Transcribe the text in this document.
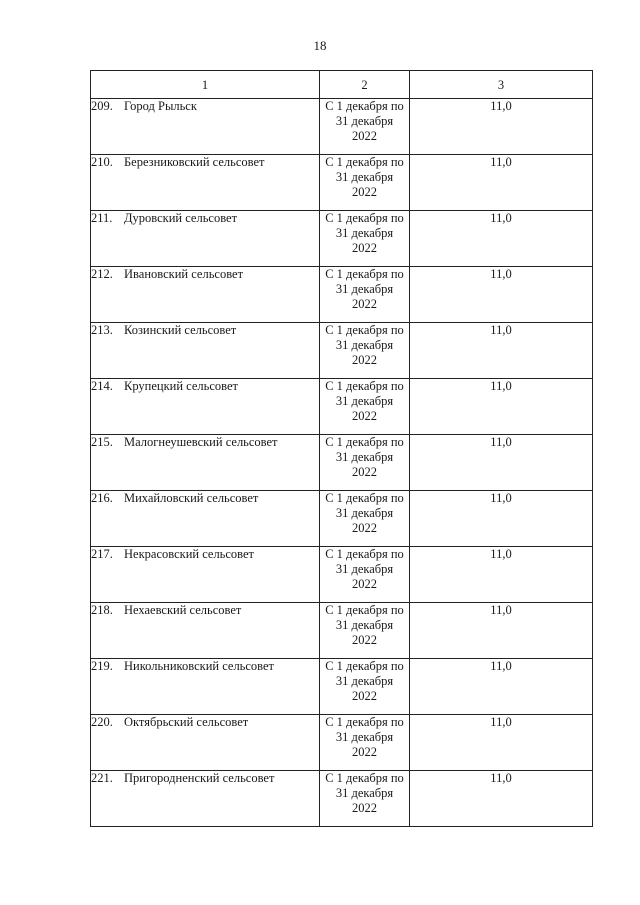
18
1	2	3
209. Город Рыльск	С 1 декабря по
31 декабря
2022	11,0
210. Березниковский сельсовет	С 1 декабря по
31 декабря
2022	11,0
211. Дуровский сельсовет	С 1 декабря по
31 декабря
2022	11,0
212. Ивановский сельсовет	С 1 декабря по
31 декабря
2022	11,0
213. Козинский сельсовет	С 1 декабря по
31 декабря
2022	11,0
214. Крупецкий сельсовет	С 1 декабря по
31 декабря
2022	11,0
215. Малогнеушевский сельсовет	С 1 декабря по
31 декабря
2022	11,0
216. Михайловский сельсовет	С 1 декабря по
31 декабря
2022	11,0
217. Некрасовский сельсовет	С 1 декабря по
31 декабря
2022	11,0
218. Нехаевский сельсовет	С 1 декабря по
31 декабря
2022	11,0
219. Никольниковский сельсовет	С 1 декабря по
31 декабря
2022	11,0
220. Октябрьский сельсовет	С 1 декабря по
31 декабря
2022	11,0
221. Пригородненский сельсовет	С 1 декабря по
31 декабря
2022	11,0
